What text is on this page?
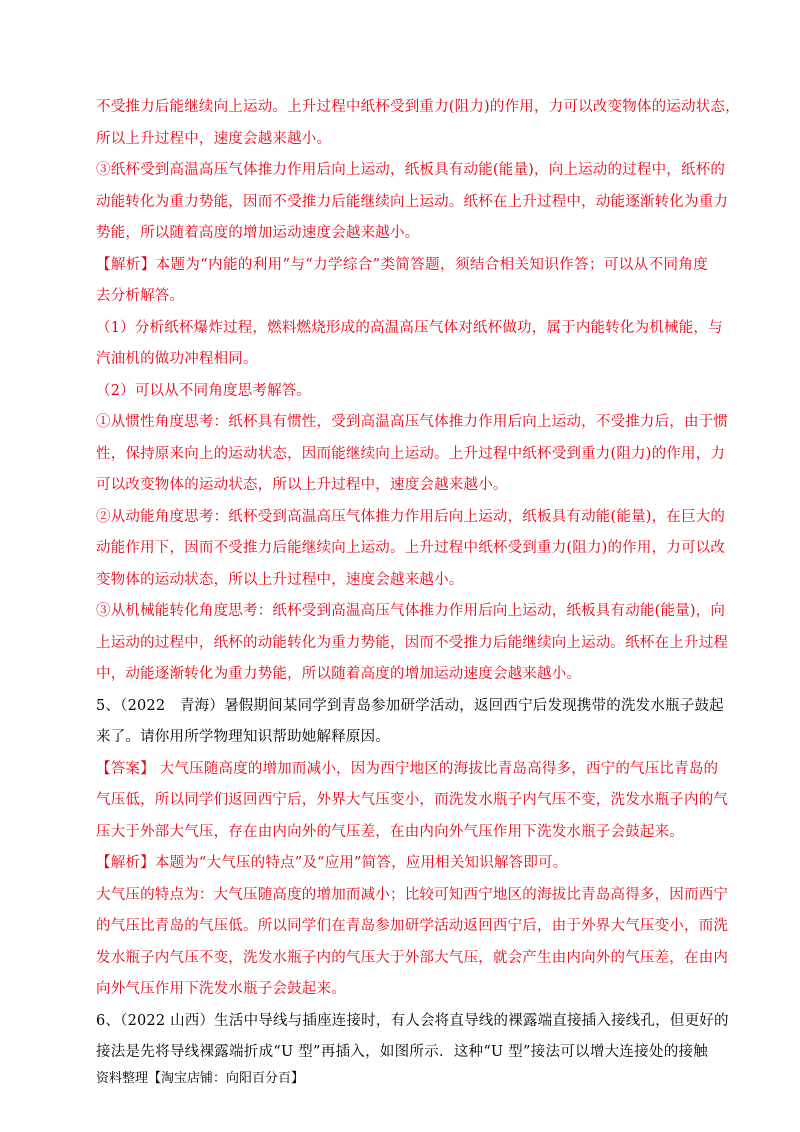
不受推力后能继续向上运动。上升过程中纸杯受到重力(阻力)的作用，力可以改变物体的运动状态，
所以上升过程中，速度会越来越小。
③纸杯受到高温高压气体推力作用后向上运动，纸板具有动能(能量)，向上运动的过程中，纸杯的
动能转化为重力势能，因而不受推力后能继续向上运动。纸杯在上升过程中，动能逐渐转化为重力
势能，所以随着高度的增加运动速度会越来越小。
【解析】本题为“内能的利用”与“力学综合”类简答题，须结合相关知识作答；可以从不同角度
去分析解答。
（1）分析纸杯爆炸过程，燃料燃烧形成的高温高压气体对纸杯做功，属于内能转化为机械能，与
汽油机的做功冲程相同。
（2）可以从不同角度思考解答。
①从惯性角度思考：纸杯具有惯性，受到高温高压气体推力作用后向上运动，不受推力后，由于惯
性，保持原来向上的运动状态，因而能继续向上运动。上升过程中纸杯受到重力(阻力)的作用，力
可以改变物体的运动状态，所以上升过程中，速度会越来越小。
②从动能角度思考：纸杯受到高温高压气体推力作用后向上运动，纸板具有动能(能量)，在巨大的
动能作用下，因而不受推力后能继续向上运动。上升过程中纸杯受到重力(阻力)的作用，力可以改
变物体的运动状态，所以上升过程中，速度会越来越小。
③从机械能转化角度思考：纸杯受到高温高压气体推力作用后向上运动，纸板具有动能(能量)，向
上运动的过程中，纸杯的动能转化为重力势能，因而不受推力后能继续向上运动。纸杯在上升过程
中，动能逐渐转化为重力势能，所以随着高度的增加运动速度会越来越小。
5、（2022　青海）暑假期间某同学到青岛参加研学活动，返回西宁后发现携带的洗发水瓶子鼓起
来了。请你用所学物理知识帮助她解释原因。
【答案】 大气压随高度的增加而减小，因为西宁地区的海拔比青岛高得多，西宁的气压比青岛的
气压低，所以同学们返回西宁后，外界大气压变小，而洗发水瓶子内气压不变，洗发水瓶子内的气
压大于外部大气压，存在由内向外的气压差，在由内向外气压作用下洗发水瓶子会鼓起来。
【解析】本题为“大气压的特点”及“应用”简答，应用相关知识解答即可。
大气压的特点为：大气压随高度的增加而减小；比较可知西宁地区的海拔比青岛高得多，因而西宁
的气压比青岛的气压低。所以同学们在青岛参加研学活动返回西宁后，由于外界大气压变小，而洗
发水瓶子内气压不变，洗发水瓶子内的气压大于外部大气压，就会产生由内向外的气压差，在由内
向外气压作用下洗发水瓶子会鼓起来。
6、（2022 山西）生活中导线与插座连接时，有人会将直导线的裸露端直接插入接线孔，但更好的
接法是先将导线裸露端折成“U 型”再插入，如图所示．这种“U 型”接法可以增大连接处的接触
资料整理【淘宝店铺：向阳百分百】
